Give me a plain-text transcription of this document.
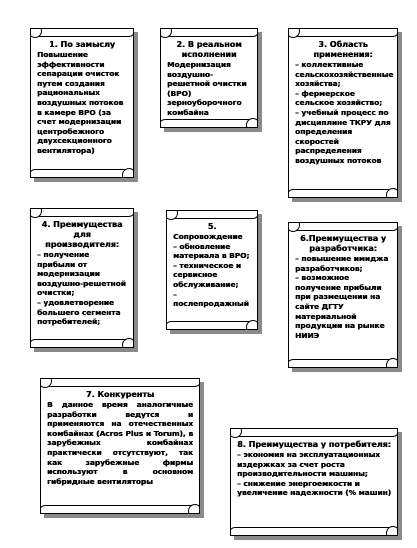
1. По замыслу
Повышение эффективности сепарации очисток путем создания рациональных воздушных потоков в камере ВРО (за счет модернизации центробежного двухсекционного вентилятора)
2. В реальном исполнении
Модернизация воздушно-решетной очистки (ВРО) зерноуборочного комбайна
3. Область применения:
– коллективные сельскохозяйственные хозяйства;
– фермерское сельское хозяйство;
– учебный процесс по дисциплине ТКРУ для определения скоростей распределения воздушных потоков
4. Преимущества для производителя:
– получение прибыли от модернизации воздушно-решетной очистки;
– удовлетворение большего сегмента потребителей;
5.
Сопровождение
– обновление материала в ВРО;
– техническое и сервисное обслуживание;
– послепродажный
6.Преимущества у разработчика:
– повышение имиджа разработчиков;
– возможное получение прибыли при размещении на сайте ДГТУ материальной продукции на рынке НИИЭ
7. Конкуренты
В данное время аналогичные разработки ведутся и применяются на отечественных комбайнах (Acros Plus и Torum), в зарубежных комбайнах практически отсутствуют, так как зарубежные фирмы используют в основном гибридные вентиляторы
8. Преимущества у потребителя:
– экономия на эксплуатационных издержках за счет роста производительности машины;
– снижение энергоемкости и увеличение надежности (% машин)
